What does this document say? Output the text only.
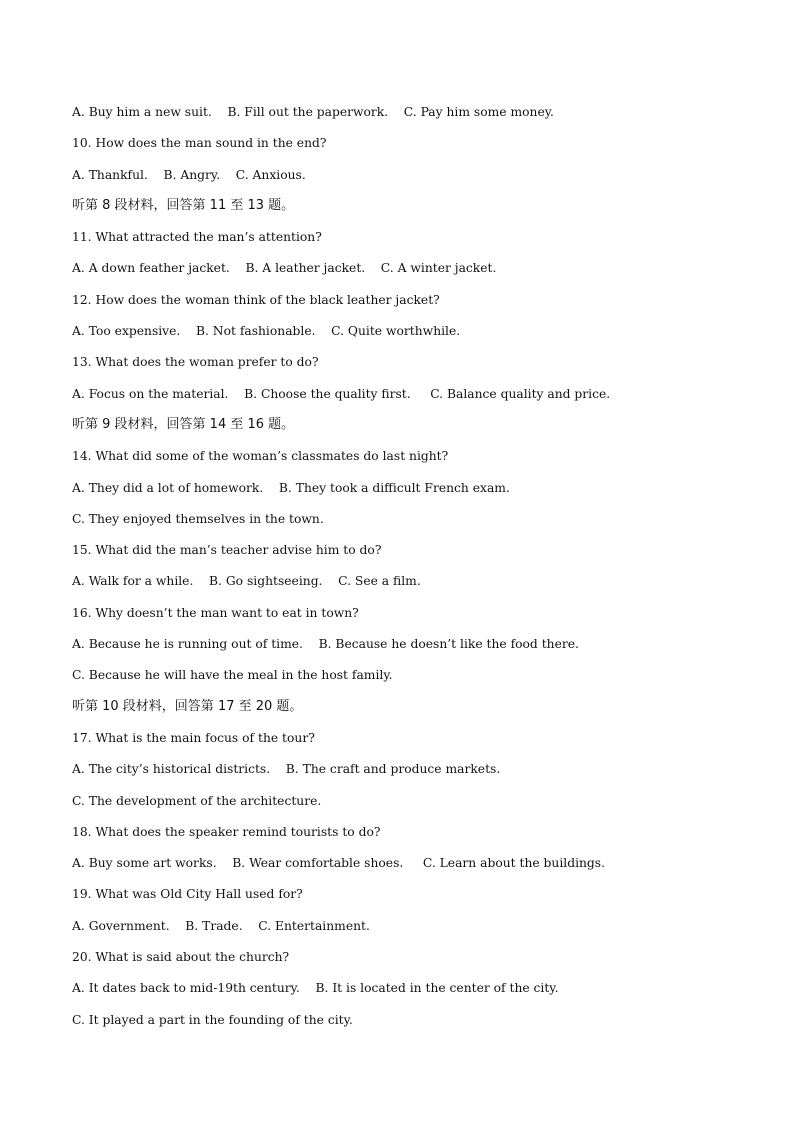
A. Buy him a new suit.    B. Fill out the paperwork.    C. Pay him some money.
10. How does the man sound in the end?
A. Thankful.    B. Angry.    C. Anxious.
听第 8 段材料，回答第 11 至 13 题。
11. What attracted the man’s attention?
A. A down feather jacket.    B. A leather jacket.    C. A winter jacket.
12. How does the woman think of the black leather jacket?
A. Too expensive.    B. Not fashionable.    C. Quite worthwhile.
13. What does the woman prefer to do?
A. Focus on the material.    B. Choose the quality first.     C. Balance quality and price.
听第 9 段材料，回答第 14 至 16 题。
14. What did some of the woman’s classmates do last night?
A. They did a lot of homework.    B. They took a difficult French exam.
C. They enjoyed themselves in the town.
15. What did the man’s teacher advise him to do?
A. Walk for a while.    B. Go sightseeing.    C. See a film.
16. Why doesn’t the man want to eat in town?
A. Because he is running out of time.    B. Because he doesn’t like the food there.
C. Because he will have the meal in the host family.
听第 10 段材料，回答第 17 至 20 题。
17. What is the main focus of the tour?
A. The city’s historical districts.    B. The craft and produce markets.
C. The development of the architecture.
18. What does the speaker remind tourists to do?
A. Buy some art works.    B. Wear comfortable shoes.     C. Learn about the buildings.
19. What was Old City Hall used for?
A. Government.    B. Trade.    C. Entertainment.
20. What is said about the church?
A. It dates back to mid-19th century.    B. It is located in the center of the city.
C. It played a part in the founding of the city.
